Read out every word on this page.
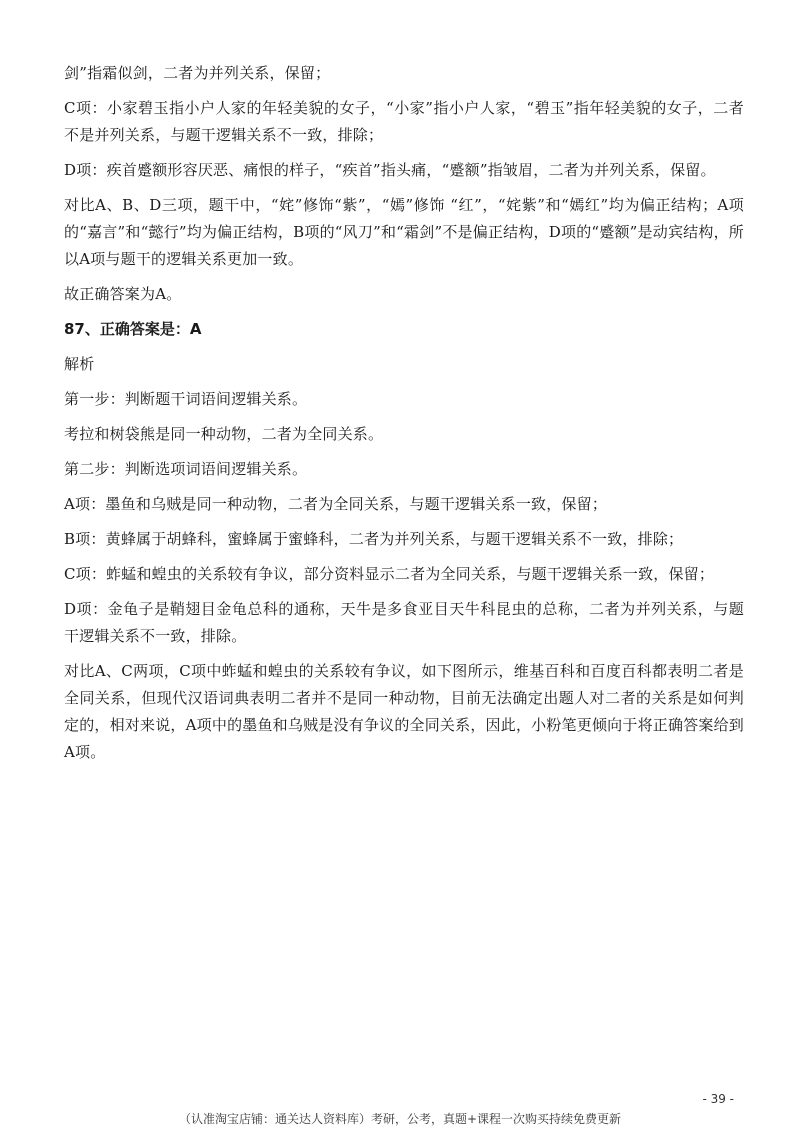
剑”指霜似剑，二者为并列关系，保留；

C项：小家碧玉指小户人家的年轻美貌的女子，“小家”指小户人家，“碧玉”指年轻美貌的女子，二者不是并列关系，与题干逻辑关系不一致，排除；

D项：疾首蹙额形容厌恶、痛恨的样子，“疾首”指头痛，“蹙额”指皱眉，二者为并列关系，保留。

对比A、B、D三项，题干中，“姹”修饰“紫”，“嫣”修饰 “红”，“姹紫”和“嫣红”均为偏正结构；A项的“嘉言”和“懿行”均为偏正结构，B项的“风刀”和“霜剑”不是偏正结构，D项的“蹙额”是动宾结构，所以A项与题干的逻辑关系更加一致。

故正确答案为A。

87、正确答案是：A

解析

第一步：判断题干词语间逻辑关系。

考拉和树袋熊是同一种动物，二者为全同关系。

第二步：判断选项词语间逻辑关系。

A项：墨鱼和乌贼是同一种动物，二者为全同关系，与题干逻辑关系一致，保留；

B项：黄蜂属于胡蜂科，蜜蜂属于蜜蜂科，二者为并列关系，与题干逻辑关系不一致，排除；

C项：蚱蜢和蝗虫的关系较有争议，部分资料显示二者为全同关系，与题干逻辑关系一致，保留；

D项：金龟子是鞘翅目金龟总科的通称，天牛是多食亚目天牛科昆虫的总称，二者为并列关系，与题干逻辑关系不一致，排除。

对比A、C两项，C项中蚱蜢和蝗虫的关系较有争议，如下图所示，维基百科和百度百科都表明二者是全同关系，但现代汉语词典表明二者并不是同一种动物，目前无法确定出题人对二者的关系是如何判定的，相对来说，A项中的墨鱼和乌贼是没有争议的全同关系，因此，小粉笔更倾向于将正确答案给到A项。

- 39 -
（认准淘宝店铺：通关达人资料库）考研，公考，真题+课程一次购买持续免费更新
